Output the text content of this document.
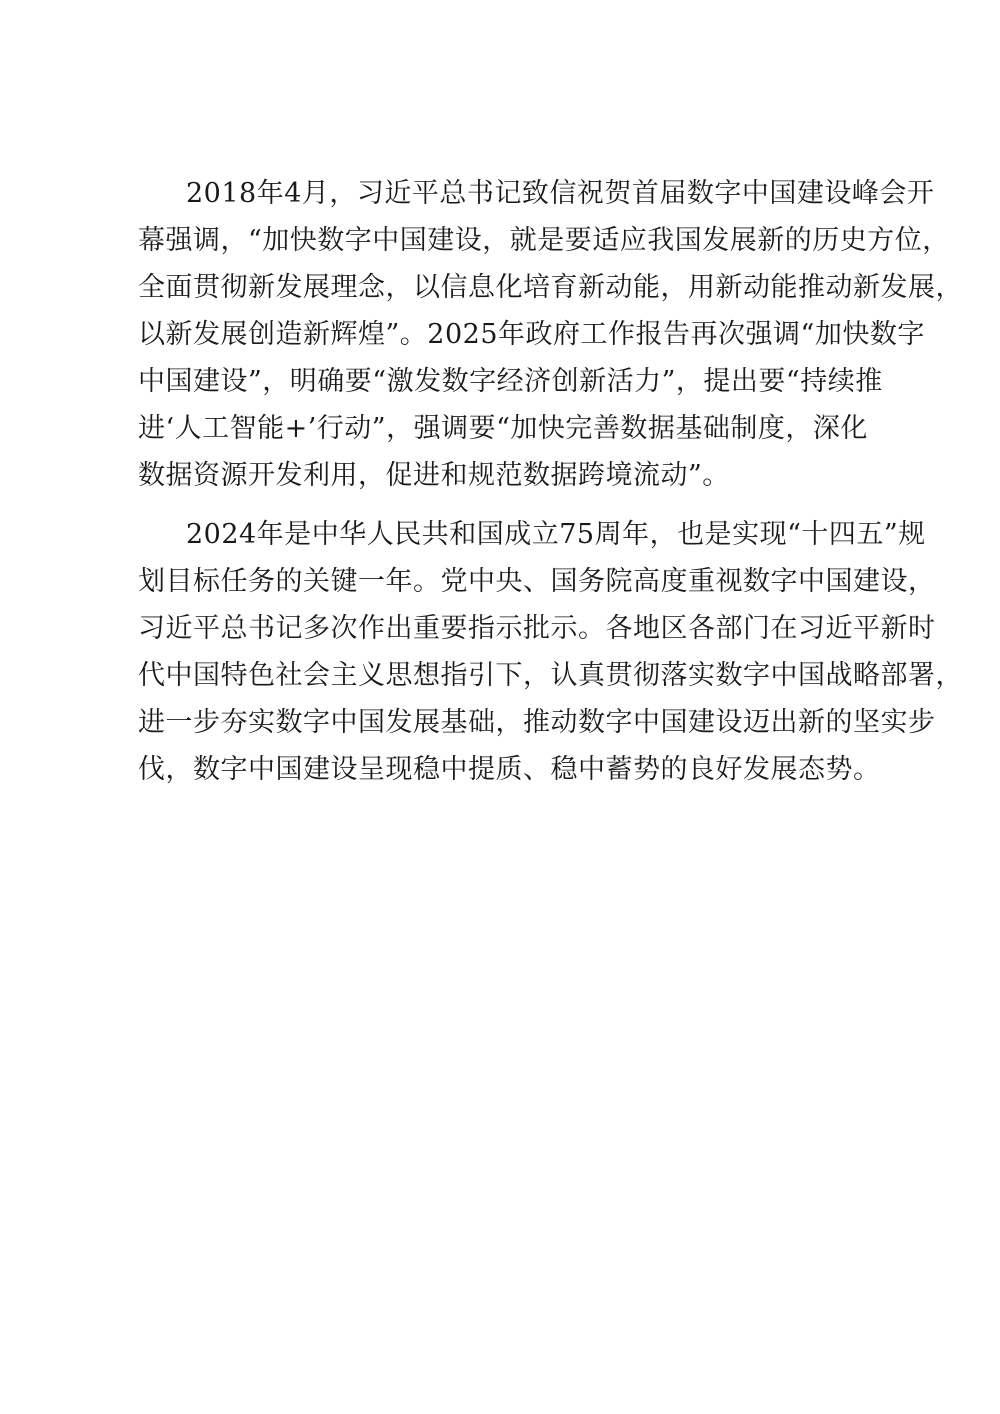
2018年4月，习近平总书记致信祝贺首届数字中国建设峰会开
幕强调，“加快数字中国建设，就是要适应我国发展新的历史方位，
全面贯彻新发展理念，以信息化培育新动能，用新动能推动新发展，
以新发展创造新辉煌”。2025年政府工作报告再次强调“加快数字
中国建设”，明确要“激发数字经济创新活力”，提出要“持续推
进‘人工智能+’行动”，强调要“加快完善数据基础制度，深化
数据资源开发利用，促进和规范数据跨境流动”。
2024年是中华人民共和国成立75周年，也是实现“十四五”规
划目标任务的关键一年。党中央、国务院高度重视数字中国建设，
习近平总书记多次作出重要指示批示。各地区各部门在习近平新时
代中国特色社会主义思想指引下，认真贯彻落实数字中国战略部署，
进一步夯实数字中国发展基础，推动数字中国建设迈出新的坚实步
伐，数字中国建设呈现稳中提质、稳中蓄势的良好发展态势。
